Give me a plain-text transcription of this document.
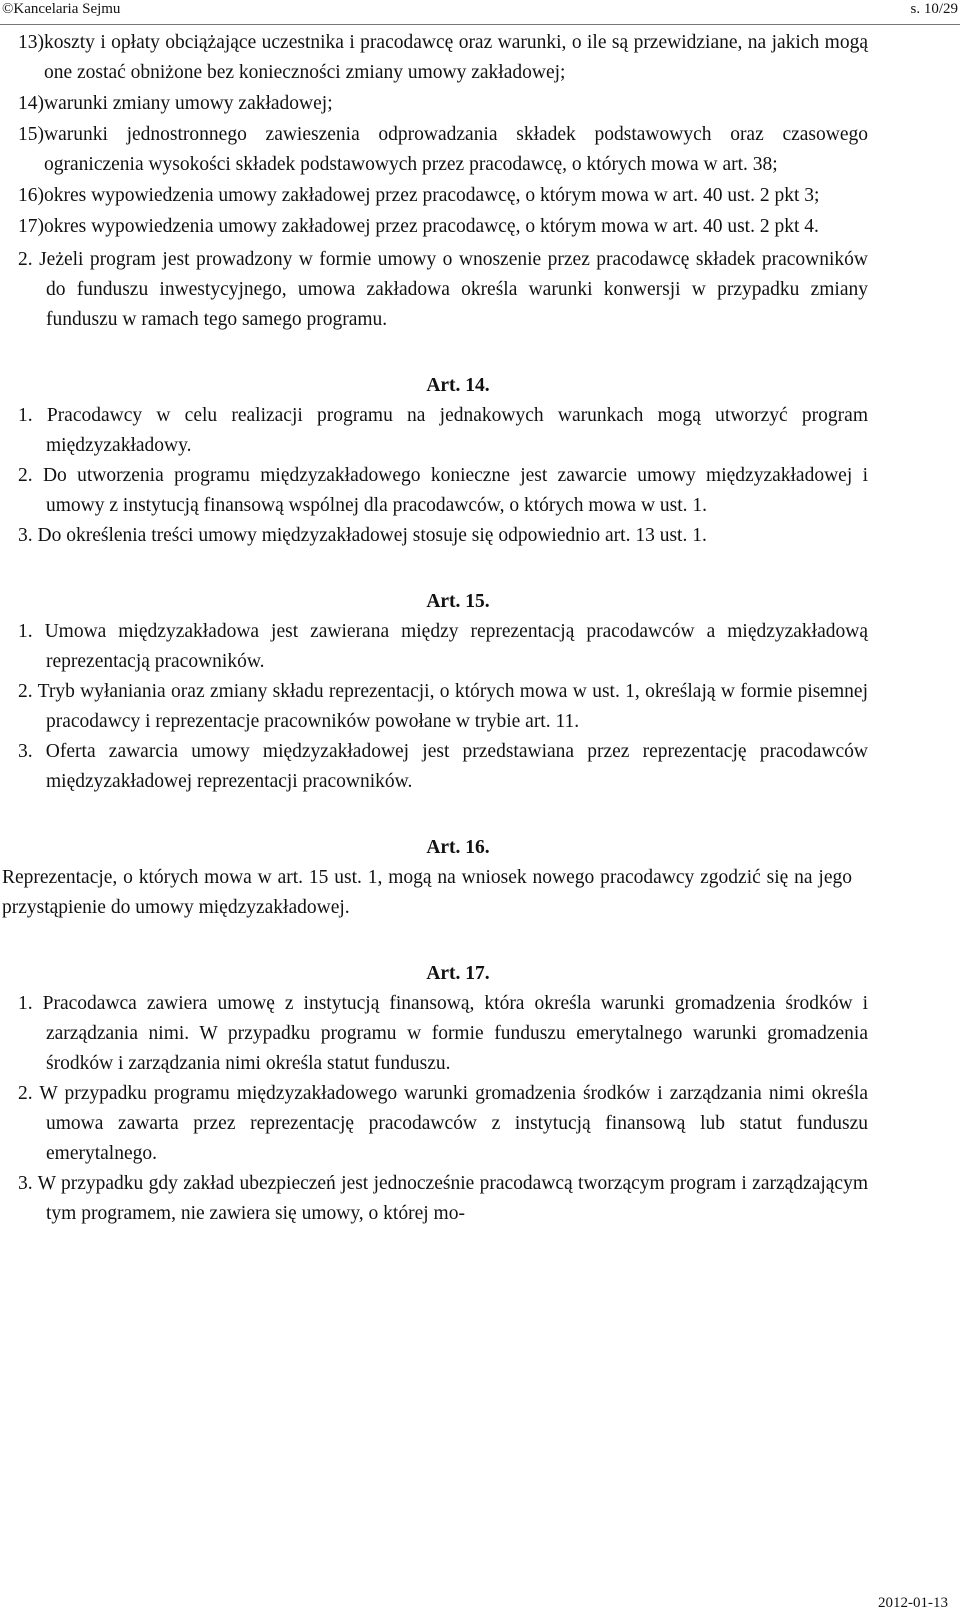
©Kancelaria Sejmu	s. 10/29
13) koszty i opłaty obciążające uczestnika i pracodawcę oraz warunki, o ile są przewidziane, na jakich mogą one zostać obniżone bez konieczności zmiany umowy zakładowej;
14) warunki zmiany umowy zakładowej;
15) warunki jednostronnego zawieszenia odprowadzania składek podstawowych oraz czasowego ograniczenia wysokości składek podstawowych przez pracodawcę, o których mowa w art. 38;
16) okres wypowiedzenia umowy zakładowej przez pracodawcę, o którym mowa w art. 40 ust. 2 pkt 3;
17) okres wypowiedzenia umowy zakładowej przez pracodawcę, o którym mowa w art. 40 ust. 2 pkt 4.

2. Jeżeli program jest prowadzony w formie umowy o wnoszenie przez pracodawcę składek pracowników do funduszu inwestycyjnego, umowa zakładowa określa warunki konwersji w przypadku zmiany funduszu w ramach tego samego programu.

Art. 14.

1. Pracodawcy w celu realizacji programu na jednakowych warunkach mogą utworzyć program międzyzakładowy.

2. Do utworzenia programu międzyzakładowego konieczne jest zawarcie umowy międzyzakładowej i umowy z instytucją finansową wspólnej dla pracodawców, o których mowa w ust. 1.

3. Do określenia treści umowy międzyzakładowej stosuje się odpowiednio art. 13 ust. 1.

Art. 15.

1. Umowa międzyzakładowa jest zawierana między reprezentacją pracodawców a międzyzakładową reprezentacją pracowników.

2. Tryb wyłaniania oraz zmiany składu reprezentacji, o których mowa w ust. 1, określają w formie pisemnej pracodawcy i reprezentacje pracowników powołane w trybie art. 11.

3. Oferta zawarcia umowy międzyzakładowej jest przedstawiana przez reprezentację pracodawców międzyzakładowej reprezentacji pracowników.

Art. 16.

Reprezentacje, o których mowa w art. 15 ust. 1, mogą na wniosek nowego pracodawcy zgodzić się na jego przystąpienie do umowy międzyzakładowej.

Art. 17.

1. Pracodawca zawiera umowę z instytucją finansową, która określa warunki gromadzenia środków i zarządzania nimi. W przypadku programu w formie funduszu emerytalnego warunki gromadzenia środków i zarządzania nimi określa statut funduszu.

2. W przypadku programu międzyzakładowego warunki gromadzenia środków i zarządzania nimi określa umowa zawarta przez reprezentację pracodawców z instytucją finansową lub statut funduszu emerytalnego.

3. W przypadku gdy zakład ubezpieczeń jest jednocześnie pracodawcą tworzącym program i zarządzającym tym programem, nie zawiera się umowy, o której mo-

2012-01-13
